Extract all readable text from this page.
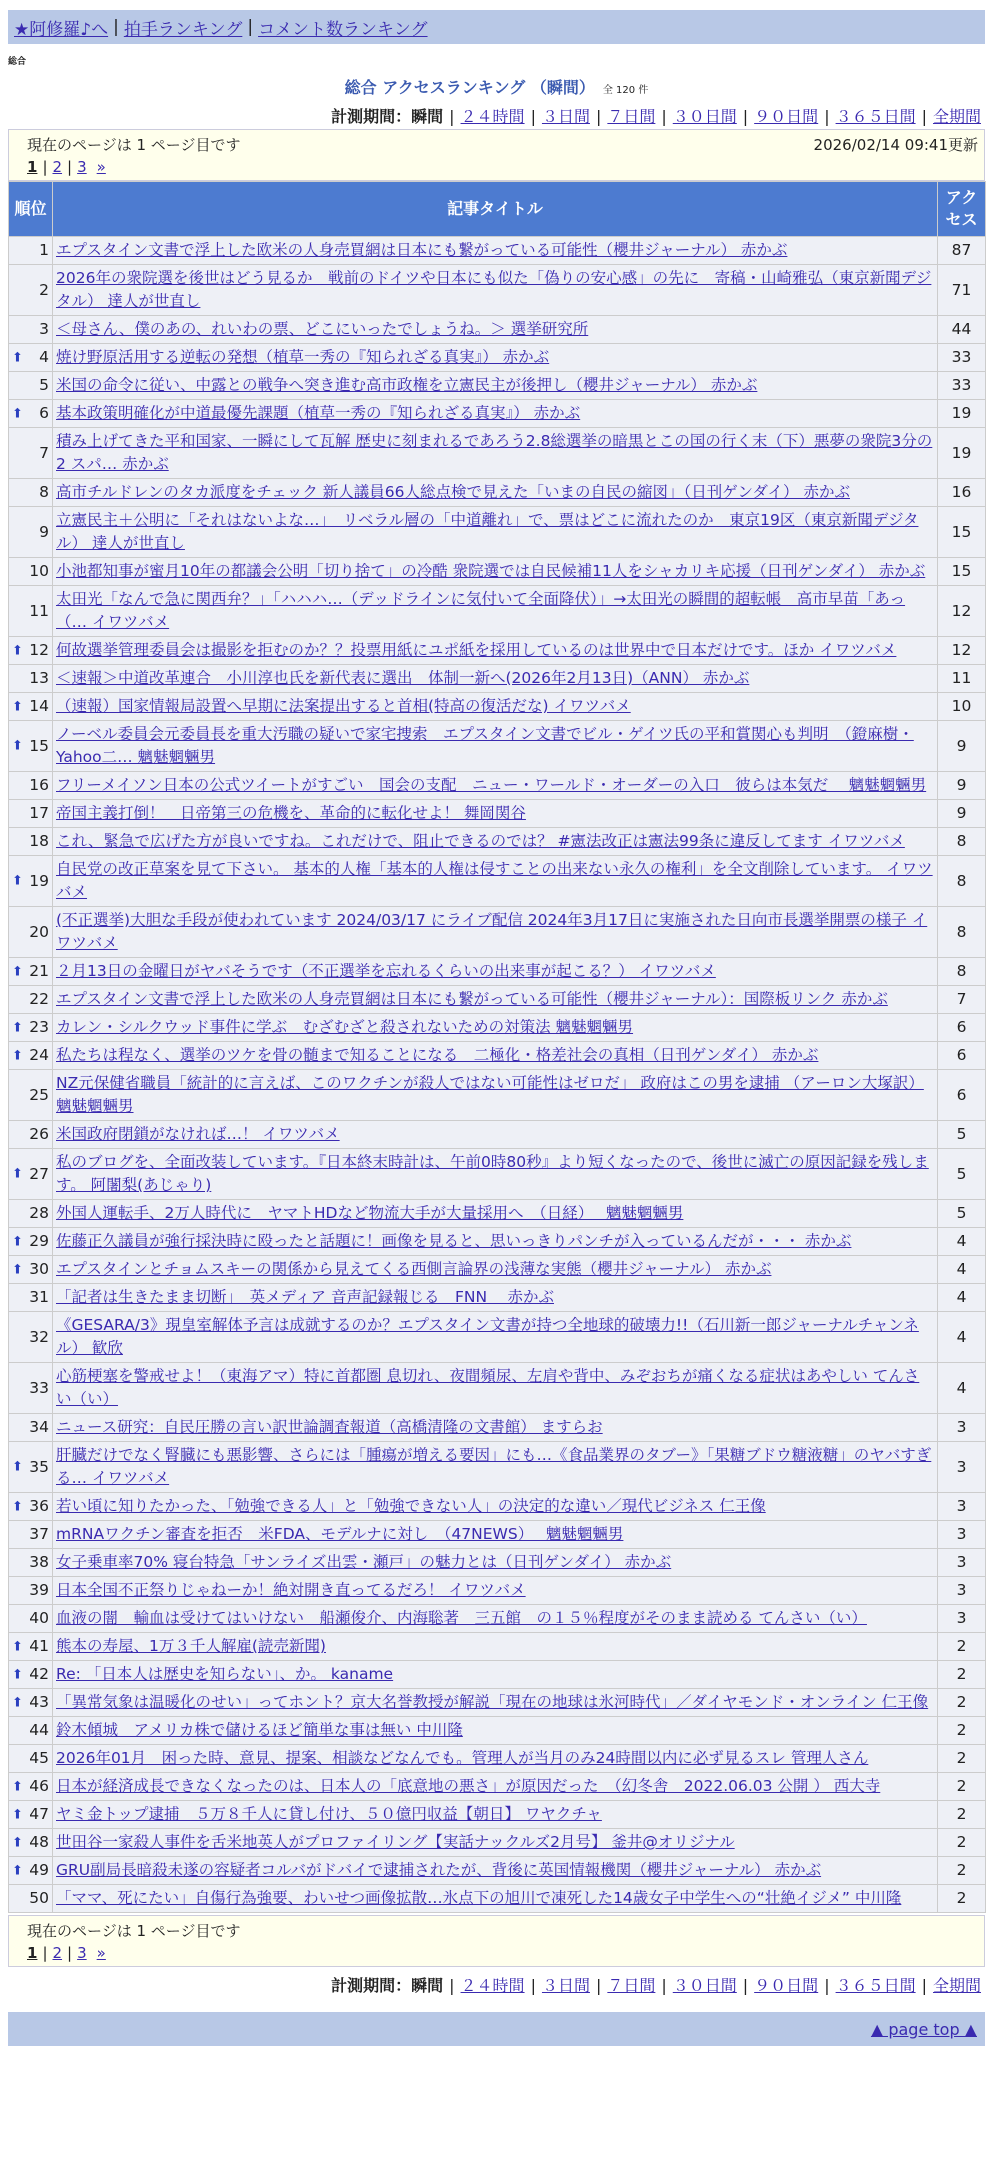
★阿修羅♪へ | 拍手ランキング | コメント数ランキング
総合
総合 アクセスランキング （瞬間） 全 120 件
計測期間：瞬間 | ２４時間 | ３日間 | ７日間 | ３０日間 | ９０日間 | ３６５日間 | 全期間
現在のページは 1 ページ目です	2026/02/14 09:41更新
1 | 2 | 3 »
順位	記事タイトル	アクセス
1	エプスタイン文書で浮上した欧米の人身売買網は日本にも繋がっている可能性（櫻井ジャーナル） 赤かぶ	87
2	2026年の衆院選を後世はどう見るか　戦前のドイツや日本にも似た「偽りの安心感」の先に　寄稿・山崎雅弘（東京新聞デジタル） 達人が世直し	71
3	＜母さん、僕のあの、れいわの票、どこにいったでしょうね。＞ 選挙研究所	44

⬆ 4	焼け野原活用する逆転の発想（植草一秀の『知られざる真実』） 赤かぶ	33
5	米国の命令に従い、中露との戦争へ突き進む高市政権を立憲民主が後押し（櫻井ジャーナル） 赤かぶ	33

⬆ 6	基本政策明確化が中道最優先課題（植草一秀の『知られざる真実』） 赤かぶ	19
7	積み上げてきた平和国家、一瞬にして瓦解 歴史に刻まれるであろう2.8総選挙の暗黒とこの国の行く末（下）悪夢の衆院3分の2 スパ… 赤かぶ	19
8	高市チルドレンのタカ派度をチェック 新人議員66人総点検で見えた「いまの自民の縮図」（日刊ゲンダイ） 赤かぶ	16
9	立憲民主＋公明に「それはないよな…」　リベラル層の「中道離れ」で、票はどこに流れたのか　東京19区（東京新聞デジタル） 達人が世直し	15
10	小池都知事が蜜月10年の都議会公明「切り捨て」の冷酷 衆院選では自民候補11人をシャカリキ応援（日刊ゲンダイ） 赤かぶ	15
11	太田光「なんで急に関西弁？」「ハハハ…（デッドラインに気付いて全面降伏）」→太田光の瞬間的超転帳　高市早苗「あっ（… イワツバメ	12

⬆ 12	何故選挙管理委員会は撮影を拒むのか？？投票用紙にユポ紙を採用しているのは世界中で日本だけです。ほか イワツバメ	12
13	＜速報＞中道改革連合　小川淳也氏を新代表に選出　体制一新へ(2026年2月13日)（ANN） 赤かぶ	11

⬆ 14	（速報）国家情報局設置へ早期に法案提出すると首相(特高の復活だな) イワツバメ	10

⬆ 15	ノーベル委員会元委員長を重大汚職の疑いで家宅捜索　エプスタイン文書でビル・ゲイツ氏の平和賞関心も判明　（鐙麻樹・Yahoo二… 魑魅魍魎男	9
16	フリーメイソン日本の公式ツイートがすごい　国会の支配　ニュー・ワールド・オーダーの入口　彼らは本気だ　 魑魅魍魎男	9
17	帝国主義打倒！　日帝第三の危機を、革命的に転化せよ！ 舞岡関谷	9
18	これ、緊急で広げた方が良いですね。これだけで、阻止できるのでは？ #憲法改正は憲法99条に違反してます イワツバメ	8

⬆ 19	自民党の改正草案を見て下さい。 基本的人権「基本的人権は侵すことの出来ない永久の権利」を全文削除しています。 イワツバメ	8
20	(不正選挙)大胆な手段が使われています 2024/03/17 にライブ配信 2024年3月17日に実施された日向市長選挙開票の様子 イワツバメ	8

⬆ 21	２月13日の金曜日がヤバそうです（不正選挙を忘れるくらいの出来事が起こる？） イワツバメ	8
22	エプスタイン文書で浮上した欧米の人身売買網は日本にも繋がっている可能性（櫻井ジャーナル）：国際板リンク 赤かぶ	7

⬆ 23	カレン・シルクウッド事件に学ぶ　むざむざと殺されないための対策法 魑魅魍魎男	6

⬆ 24	私たちは程なく、選挙のツケを骨の髄まで知ることになる　二極化・格差社会の真相（日刊ゲンダイ） 赤かぶ	6
25	NZ元保健省職員「統計的に言えば、このワクチンが殺人ではない可能性はゼロだ」 政府はこの男を逮捕 （アーロン大塚訳） 魑魅魍魎男	6
26	米国政府閉鎖がなければ…！ イワツバメ	5

⬆ 27	私のブログを、全面改装しています。『日本終末時計は、午前0時80秒』より短くなったので、後世に滅亡の原因記録を残します。 阿闍梨(あじゃり)	5
28	外国人運転手、2万人時代に　ヤマトHDなど物流大手が大量採用へ　（日経）　 魑魅魍魎男	5

⬆ 29	佐藤正久議員が強行採決時に殴ったと話題に！画像を見ると、思いっきりパンチが入っているんだが・・・ 赤かぶ	4

⬆ 30	エプスタインとチョムスキーの関係から見えてくる西側言論界の浅薄な実態（櫻井ジャーナル） 赤かぶ	4
31	「記者は生きたまま切断」　英メディア 音声記録報じる　FNN　 赤かぶ	4
32	《GESARA/3》現皇室解体予言は成就するのか？エプスタイン文書が持つ全地球的破壊力!!（石川新一郎ジャーナルチャンネル） 歓欣	4
33	心筋梗塞を警戒せよ！（東海アマ）特に首都圏 息切れ、夜間頻尿、左肩や背中、みぞおちが痛くなる症状はあやしい てんさい（い）	4
34	ニュース研究：自民圧勝の言い訳世論調査報道（高橋清隆の文書館） ますらお	3

⬆ 35	肝臓だけでなく腎臓にも悪影響、さらには「腫瘍が増える要因」にも…《食品業界のタブー》「果糖ブドウ糖液糖」のヤバすぎる… イワツバメ	3

⬆ 36	若い頃に知りたかった、「勉強できる人」と「勉強できない人」の決定的な違い／現代ビジネス 仁王像	3
37	mRNAワクチン審査を拒否　米FDA、モデルナに対し　（47NEWS）　 魑魅魍魎男	3
38	女子乗車率70% 寝台特急「サンライズ出雲・瀬戸」の魅力とは（日刊ゲンダイ） 赤かぶ	3
39	日本全国不正祭りじゃねーか！絶対開き直ってるだろ！ イワツバメ	3
40	血液の闇　輸血は受けてはいけない　船瀬俊介、内海聡著　三五館　の１５％程度がそのまま読める てんさい（い）	3

⬆ 41	熊本の寿屋、1万３千人解雇(読売新聞)	2

⬆ 42	Re: 「日本人は歴史を知らない」、か。 kaname	2

⬆ 43	「異常気象は温暖化のせい」ってホント？京大名誉教授が解説「現在の地球は氷河時代」／ダイヤモンド・オンライン 仁王像	2
44	鈴木傾城　アメリカ株で儲けるほど簡単な事は無い 中川隆	2
45	2026年01月　困った時、意見、提案、相談などなんでも。管理人が当月のみ24時間以内に必ず見るスレ 管理人さん	2

⬆ 46	日本が経済成長できなくなったのは、日本人の「底意地の悪さ」が原因だった　（幻冬舎　2022.06.03 公開 ） 西大寺	2

⬆ 47	ヤミ金トップ逮捕　５万８千人に貸し付け、５０億円収益【朝日】 ワヤクチャ	2

⬆ 48	世田谷一家殺人事件を舌米地英人がプロファイリング【実話ナックルズ2月号】 釜井@オリジナル	2

⬆ 49	GRU副局長暗殺未遂の容疑者コルバがドバイで逮捕されたが、背後に英国情報機関（櫻井ジャーナル） 赤かぶ	2
50	「ママ、死にたい」自傷行為強要、わいせつ画像拡散…氷点下の旭川で凍死した14歳女子中学生への“壮絶イジメ” 中川隆	2
現在のページは 1 ページ目です
1 | 2 | 3 »
計測期間：瞬間 | ２４時間 | ３日間 | ７日間 | ３０日間 | ９０日間 | ３６５日間 | 全期間
▲ page top ▲
